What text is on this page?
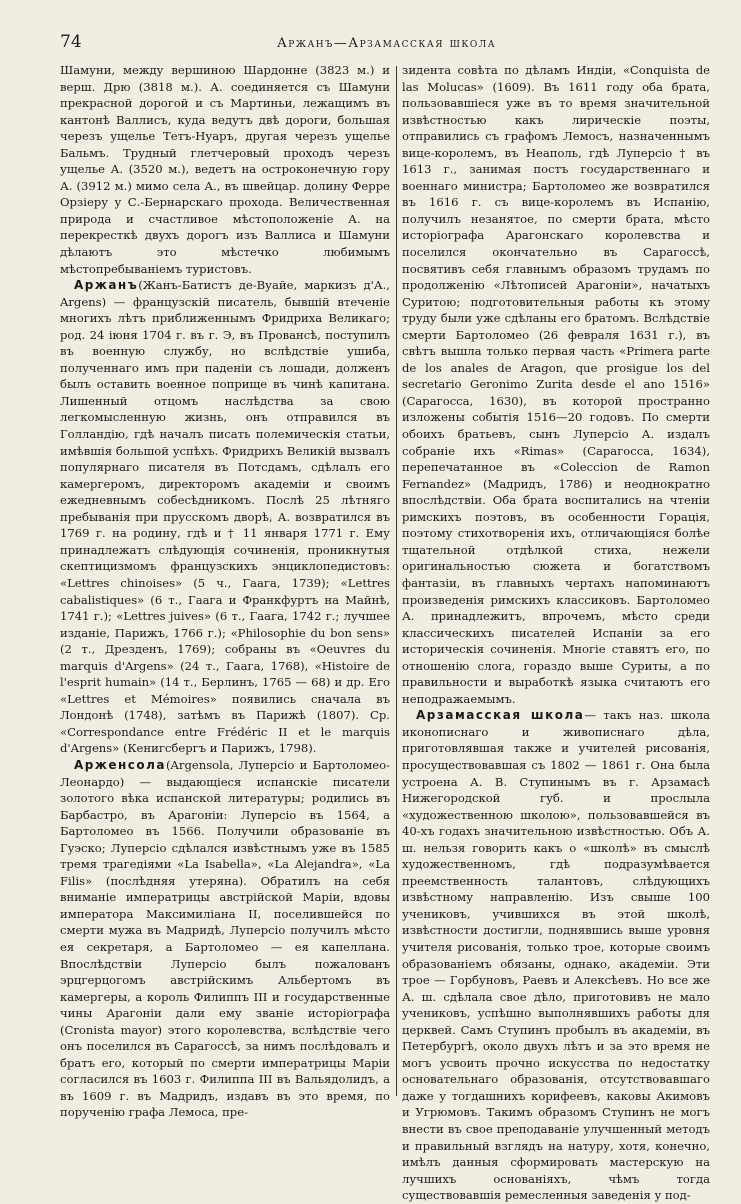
74	Аржанъ—Арзамасская школа

Шамуни, между вершиною Шардонне (3823 м.) и верш. Дрю (3818 м.). А. соединяется съ Шамуни прекрасной дорогой и съ Мартиньи, лежащимъ въ кантонѣ Валлисъ, куда ведутъ двѣ дороги, большая черезъ ущелье Тетъ-Нуаръ, другая черезъ ущелье Бальмъ. Трудный глетчеровый проходъ черезъ ущелье А. (3520 м.), ведетъ на остроконечную гору А. (3912 м.) мимо села А., въ швейцар. долину Ферре Орзіеру у С.-Бернарскаго прохода. Величественная природа и счастливое мѣстоположеніе А. на перекресткѣ двухъ дорогъ изъ Валлиса и Шамуни дѣлаютъ это мѣстечко любимымъ мѣстопребываніемъ туристовъ.

Аржанъ(Жанъ-Батистъ де-Вуайе, маркизъ д'А., Argens) — французскій писатель, бывшій втеченіе многихъ лѣтъ приближеннымъ Фридриха Великаго; род. 24 іюня 1704 г. въ г. Э, въ Провансѣ, поступилъ въ военную службу, но вслѣдствіе ушиба, полученнаго имъ при паденіи съ лошади, долженъ былъ оставить военное поприще въ чинѣ капитана. Лишенный отцомъ наслѣдства за свою легкомысленную жизнь, онъ отправился въ Голландію, гдѣ началъ писать полемическія статьи, имѣвшія большой успѣхъ. Фридрихъ Великій вызвалъ популярнаго писателя въ Потсдамъ, сдѣлалъ его камергеромъ, директоромъ академіи и своимъ ежедневнымъ собесѣдникомъ. Послѣ 25 лѣтняго пребыванія при прусскомъ дворѣ, А. возвратился въ 1769 г. на родину, гдѣ и † 11 января 1771 г. Ему принадлежатъ слѣдующія сочиненія, проникнутыя скептицизмомъ французскихъ энциклопедистовъ: «Lettres chinoises» (5 ч., Гаага, 1739); «Lettres cabalistiques» (6 т., Гаага и Франкфуртъ на Майнѣ, 1741 г.); «Lettres juives» (6 т., Гаага, 1742 г.; лучшее изданіе, Парижъ, 1766 г.); «Philosophie du bon sens» (2 т., Дрезденъ, 1769); собраны въ «Oeuvres du marquis d'Argens» (24 т., Гаага, 1768), «Histoire de l'esprit humain» (14 т., Берлинъ, 1765 — 68) и др. Его «Lettres et Mémoires» появились сначала въ Лондонѣ (1748), затѣмъ въ Парижѣ (1807). Ср. «Correspondance entre Frédéric II et le marquis d'Argens» (Кенигсбергъ и Парижъ, 1798).

Арженсола(Argensola, Луперсіо и Бартоломео-Леонардо) — выдающіеся испанскіе писатели золотого вѣка испанской литературы; родились въ Барбастро, въ Арагоніи: Луперсіо въ 1564, а Бартоломео въ 1566. Получили образованіе въ Гуэско; Луперсіо сдѣлался извѣстнымъ уже въ 1585 тремя трагедіями «La Isabella», «La Alejandra», «La Filis» (послѣдняя утеряна). Обратилъ на себя вниманіе императрицы австрійской Маріи, вдовы императора Максимиліана II, поселившейся по смерти мужа въ Мадридѣ, Луперсіо получилъ мѣсто ея секретаря, а Бартоломео — ея капеллана. Впослѣдствіи Луперсіо былъ пожалованъ эрцгерцогомъ австрійскимъ Альбертомъ въ камергеры, а король Филиппъ III и государственные чины Арагоніи дали ему званіе исторіографа (Cronista mayor) этого королевства, вслѣдствіе чего онъ поселился въ Сарагоссѣ, за нимъ послѣдовалъ и братъ его, который по смерти императрицы Маріи согласился въ 1603 г. Филиппа III въ Вальядолидъ, а въ 1609 г. въ Мадридъ, издавъ въ это время, по порученію графа Лемоса, пре-

зидента совѣта по дѣламъ Индіи, «Conquista de las Molucas» (1609). Въ 1611 году оба брата, пользовавшіеся уже въ то время значительной извѣстностью какъ лирическіе поэты, отправились съ графомъ Лемосъ, назначеннымъ вице-королемъ, въ Неаполь, гдѣ Луперсіо † въ 1613 г., занимая постъ государственнаго и военнаго министра; Бартоломео же возвратился въ 1616 г. съ вице-королемъ въ Испанію, получилъ незанятое, по смерти брата, мѣсто исторіографа Арагонскаго королевства и поселился окончательно въ Сарагоссѣ, посвятивъ себя главнымъ образомъ трудамъ по продолженію «Лѣтописей Арагоніи», начатыхъ Суритою; подготовительныя работы къ этому труду были уже сдѣланы его братомъ. Вслѣдствіе смерти Бартоломео (26 февраля 1631 г.), въ свѣтъ вышла только первая часть «Primera parte de los anales de Aragon, que prosigue los del secretario Geronimo Zurita desde el ano 1516» (Сарагосса, 1630), въ которой пространно изложены событія 1516—20 годовъ. По смерти обоихъ братьевъ, сынъ Луперсіо А. издалъ собраніе ихъ «Rimas» (Сарагосса, 1634), перепечатанное въ «Coleccion de Ramon Fernandez» (Мадридъ, 1786) и неоднократно впослѣдствіи. Оба брата воспитались на чтеніи римскихъ поэтовъ, въ особенности Горація, поэтому стихотворенія ихъ, отличающіяся болѣе тщательной отдѣлкой стиха, нежели оригинальностью сюжета и богатствомъ фантазіи, въ главныхъ чертахъ напоминаютъ произведенія римскихъ классиковъ. Бартоломео А. принадлежитъ, впрочемъ, мѣсто среди классическихъ писателей Испаніи за его историческія сочиненія. Многіе ставятъ его, по отношенію слога, гораздо выше Суриты, а по правильности и выработкѣ языка считаютъ его неподражаемымъ.

Арзамасская школа— такъ наз. школа иконописнаго и живописнаго дѣла, приготовлявшая также и учителей рисованія, просуществовавшая съ 1802 — 1861 г. Она была устроена А. В. Ступинымъ въ г. Арзамасѣ Нижегородской губ. и прослыла «художественною школою», пользовавшейся въ 40-хъ годахъ значительною извѣстностью. Объ А. ш. нельзя говорить какъ о «школѣ» въ смыслѣ художественномъ, гдѣ подразумѣвается преемственность талантовъ, слѣдующихъ извѣстному направленію. Изъ свыше 100 учениковъ, учившихся въ этой школѣ, извѣстности достигли, поднявшись выше уровня учителя рисованія, только трое, которые своимъ образованіемъ обязаны, однако, академіи. Эти трое — Горбуновъ, Раевъ и Алексѣевъ. Но все же А. ш. сдѣлала свое дѣло, приготовивъ не мало учениковъ, успѣшно выполнявшихъ работы для церквей. Самъ Ступинъ пробылъ въ академіи, въ Петербургѣ, около двухъ лѣтъ и за это время не могъ усвоить прочно искусства по недостатку основательнаго образованія, отсутствовавшаго даже у тогдашнихъ корифеевъ, каковы Акимовъ и Угрюмовъ. Такимъ образомъ Ступинъ не могъ внести въ свое преподаваніе улучшенный методъ и правильный взглядъ на натуру, хотя, конечно, имѣлъ данныя сформировать мастерскую на лучшихъ основаніяхъ, чѣмъ тогда существовавшія ремесленныя заведенія у под-
